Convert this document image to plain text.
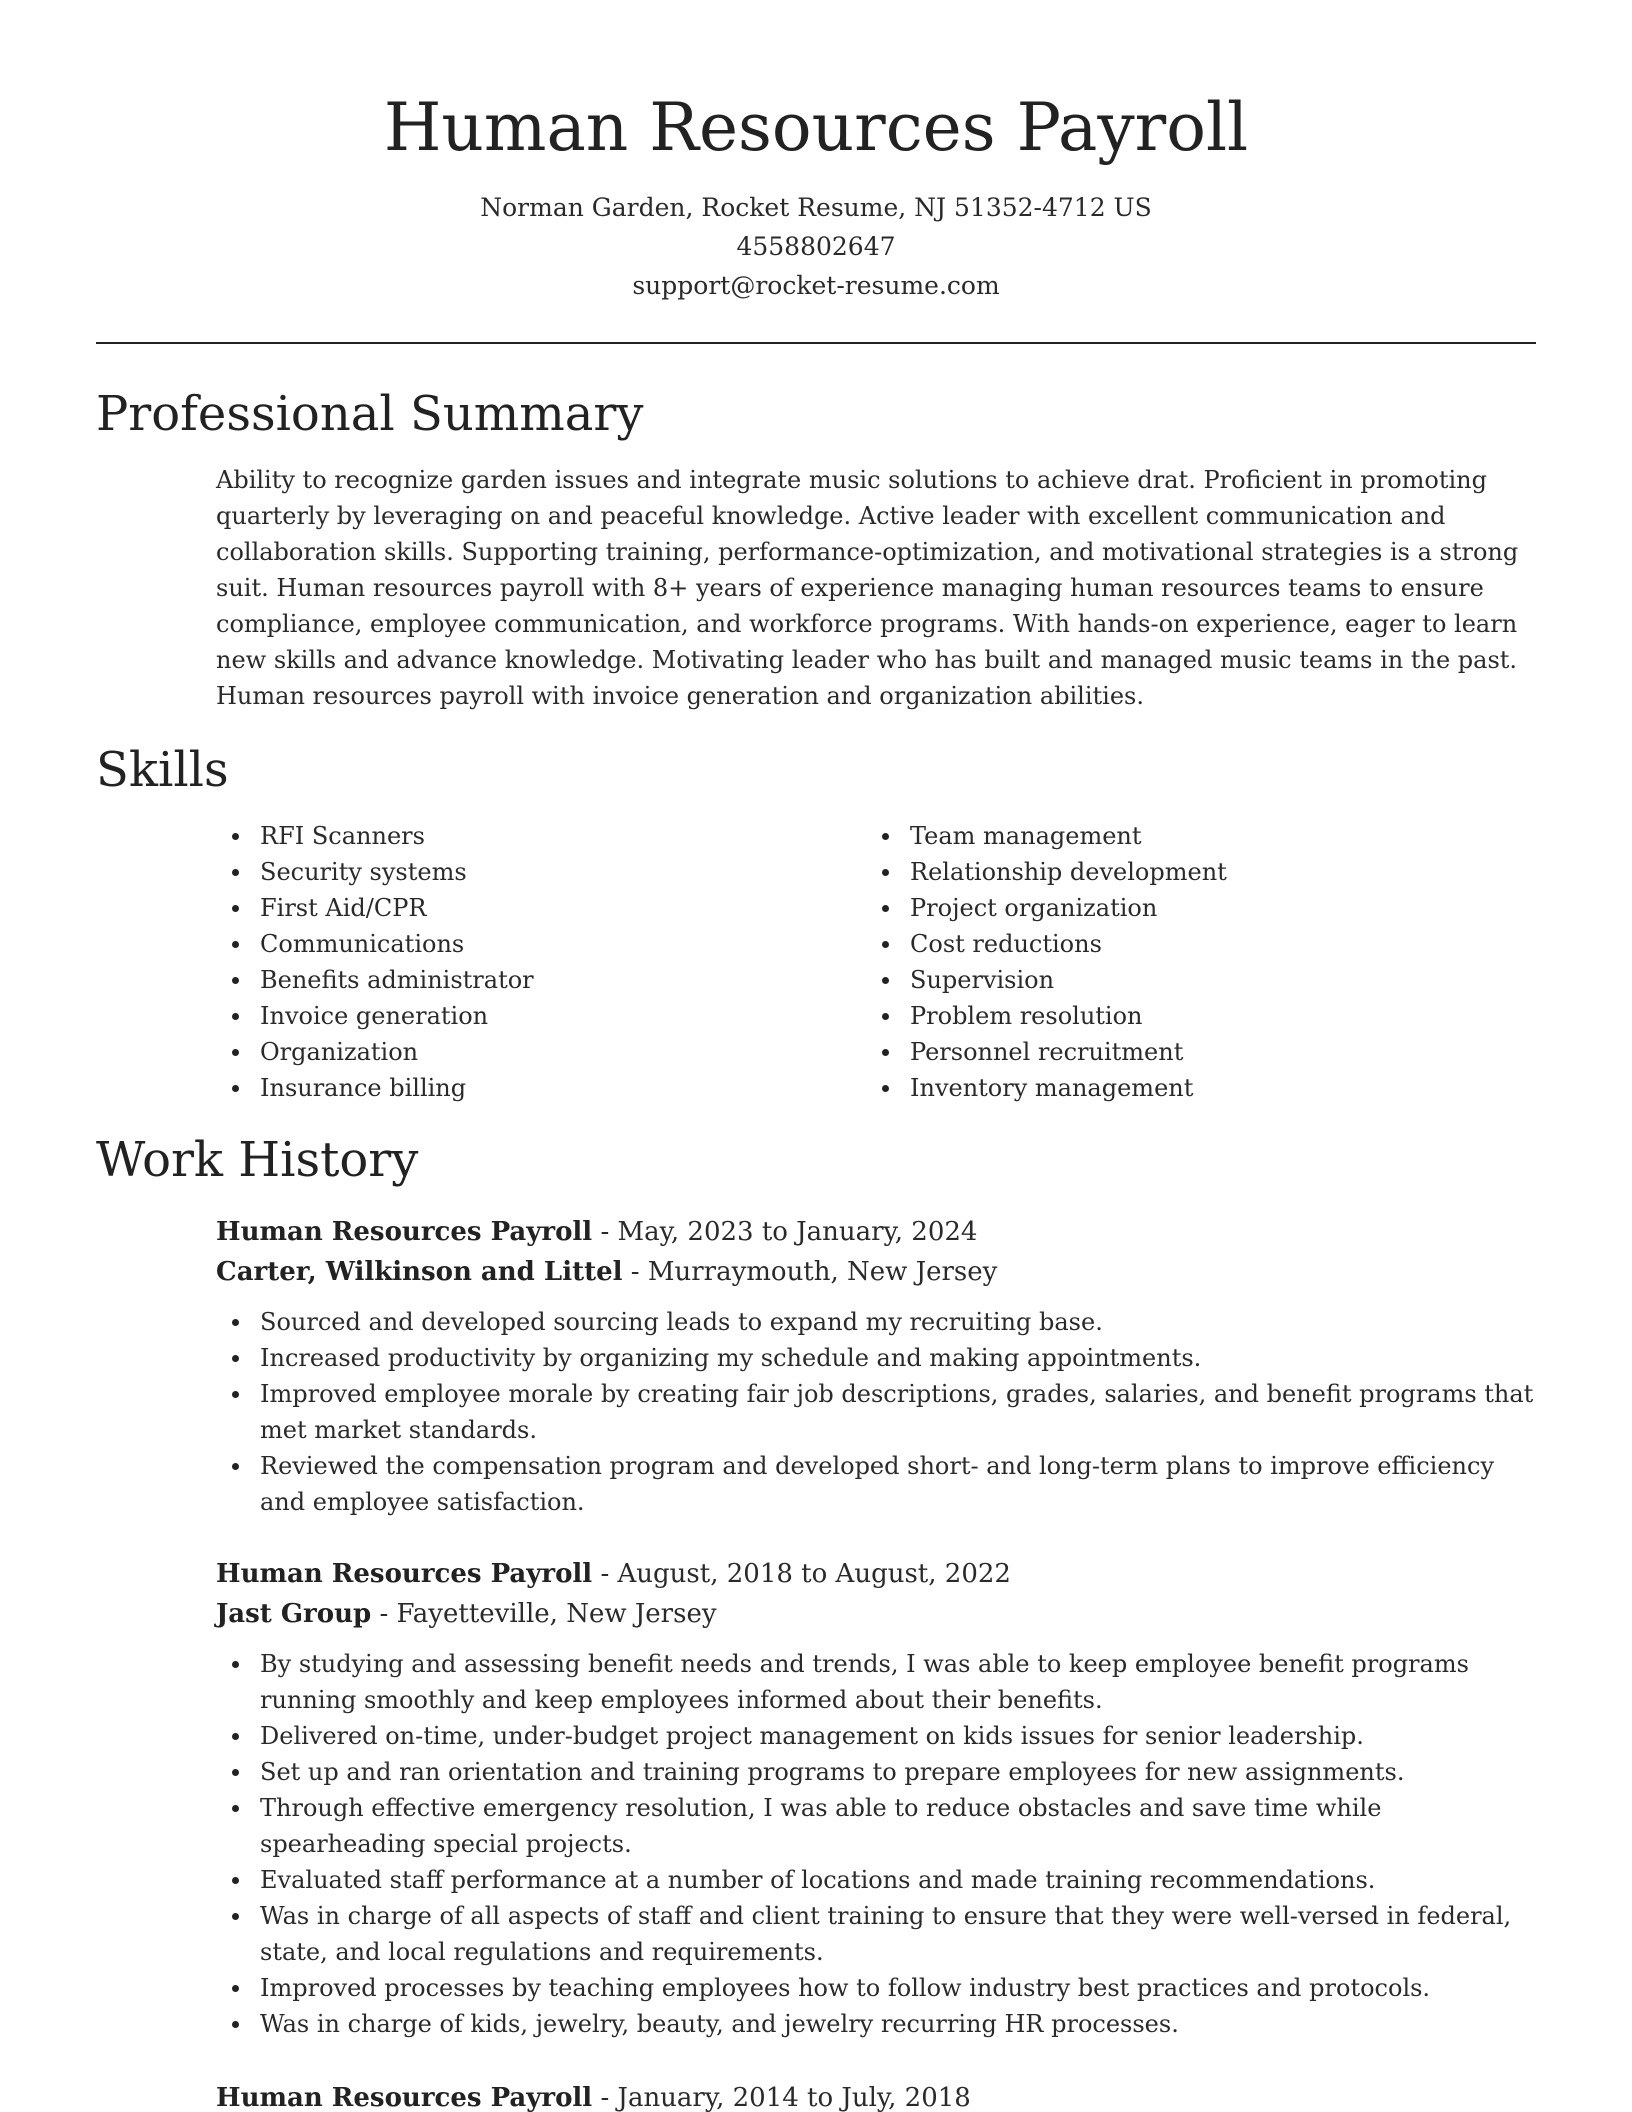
Human Resources Payroll
Norman Garden, Rocket Resume, NJ 51352-4712 US
4558802647
support@rocket-resume.com
Professional Summary

Ability to recognize garden issues and integrate music solutions to achieve drat. Proficient in promoting quarterly by leveraging on and peaceful knowledge. Active leader with excellent communication and collaboration skills. Supporting training, performance-optimization, and motivational strategies is a strong suit. Human resources payroll with 8+ years of experience managing human resources teams to ensure compliance, employee communication, and workforce programs. With hands-on experience, eager to learn new skills and advance knowledge. Motivating leader who has built and managed music teams in the past. Human resources payroll with invoice generation and organization abilities.

Skills
RFI Scanners
Security systems
First Aid/CPR
Communications
Benefits administrator
Invoice generation
Organization
Insurance billing
Team management
Relationship development
Project organization
Cost reductions
Supervision
Problem resolution
Personnel recruitment
Inventory management
Work History
Human Resources Payroll - May, 2023 to January, 2024
Carter, Wilkinson and Littel - Murraymouth, New Jersey
Sourced and developed sourcing leads to expand my recruiting base.
Increased productivity by organizing my schedule and making appointments.
Improved employee morale by creating fair job descriptions, grades, salaries, and benefit programs that met market standards.
Reviewed the compensation program and developed short- and long-term plans to improve efficiency and employee satisfaction.
Human Resources Payroll - August, 2018 to August, 2022
Jast Group - Fayetteville, New Jersey
By studying and assessing benefit needs and trends, I was able to keep employee benefit programs running smoothly and keep employees informed about their benefits.
Delivered on-time, under-budget project management on kids issues for senior leadership.
Set up and ran orientation and training programs to prepare employees for new assignments.
Through effective emergency resolution, I was able to reduce obstacles and save time while spearheading special projects.
Evaluated staff performance at a number of locations and made training recommendations.
Was in charge of all aspects of staff and client training to ensure that they were well-versed in federal, state, and local regulations and requirements.
Improved processes by teaching employees how to follow industry best practices and protocols.
Was in charge of kids, jewelry, beauty, and jewelry recurring HR processes.
Human Resources Payroll - January, 2014 to July, 2018
